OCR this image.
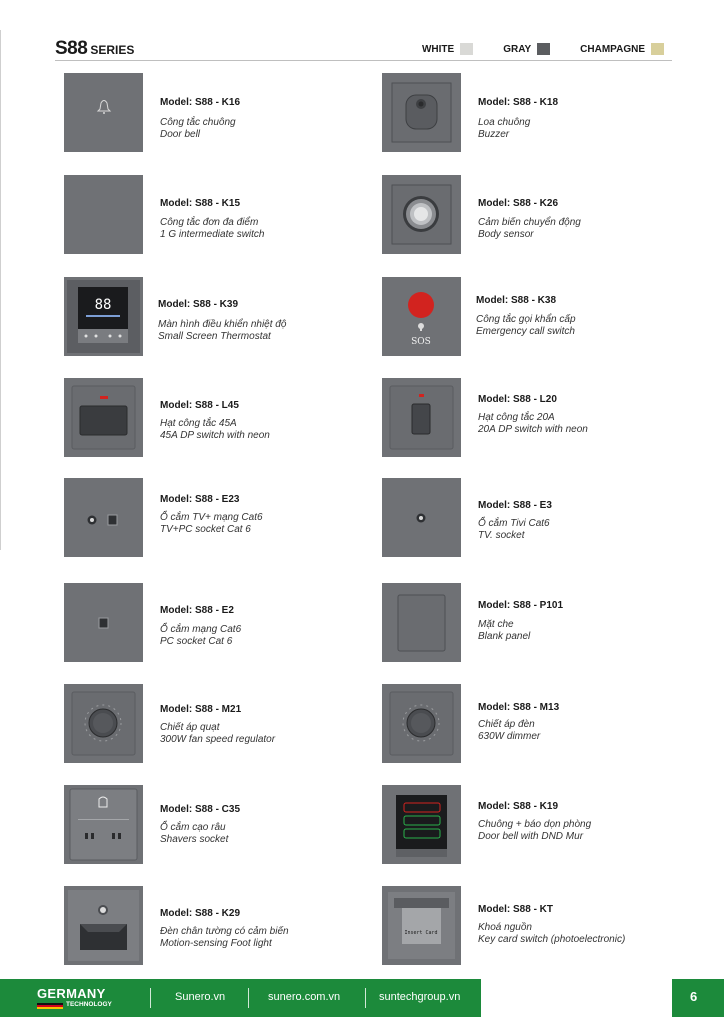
S88 SERIES	WHITE	GRAY	CHAMPAGNE
Model: S88 - K16
Công tắc chuông
Door bell
Model: S88 - K18
Loa chuông
Buzzer
Model: S88 - K15
Công tắc đơn đa điểm
1 G intermediate switch
Model: S88 - K26
Cảm biến chuyển động
Body sensor
88	Model: S88 - K39
Màn hình điều khiển nhiệt độ
Small Screen Thermostat	SOS
Model: S88 - K38
Công tắc gọi khẩn cấp
Emergency call switch
Model: S88 - L45
Hạt công tắc 45A
45A DP switch with neon
Model: S88 - L20
Hạt công tắc 20A
20A DP switch with neon
Model: S88 - E23
Ổ cắm TV+ mạng Cat6
TV+PC socket Cat 6
Model: S88 - E3
Ổ cắm Tivi Cat6
TV. socket
Model: S88 - E2
Ổ cắm mạng Cat6
PC socket Cat 6
Model: S88 - P101
Mặt che
Blank panel
Model: S88 - M21
Chiết áp quạt
300W fan speed regulator
Model: S88 - M13
Chiết áp đèn
630W dimmer
Model: S88 - C35
Ổ cắm cạo râu
Shavers socket
Model: S88 - K19
Chuông + báo dọn phòng
Door bell with DND Mur
Model: S88 - K29
Đèn chân tường có cảm biến
Motion-sensing Foot light
Insert Card
Model: S88 - KT
Khoá nguồn
Key card switch (photoelectronic)
GERMANY
TECHNOLOGY
Sunero.vn	sunero.com.vn	suntechgroup.vn	6
